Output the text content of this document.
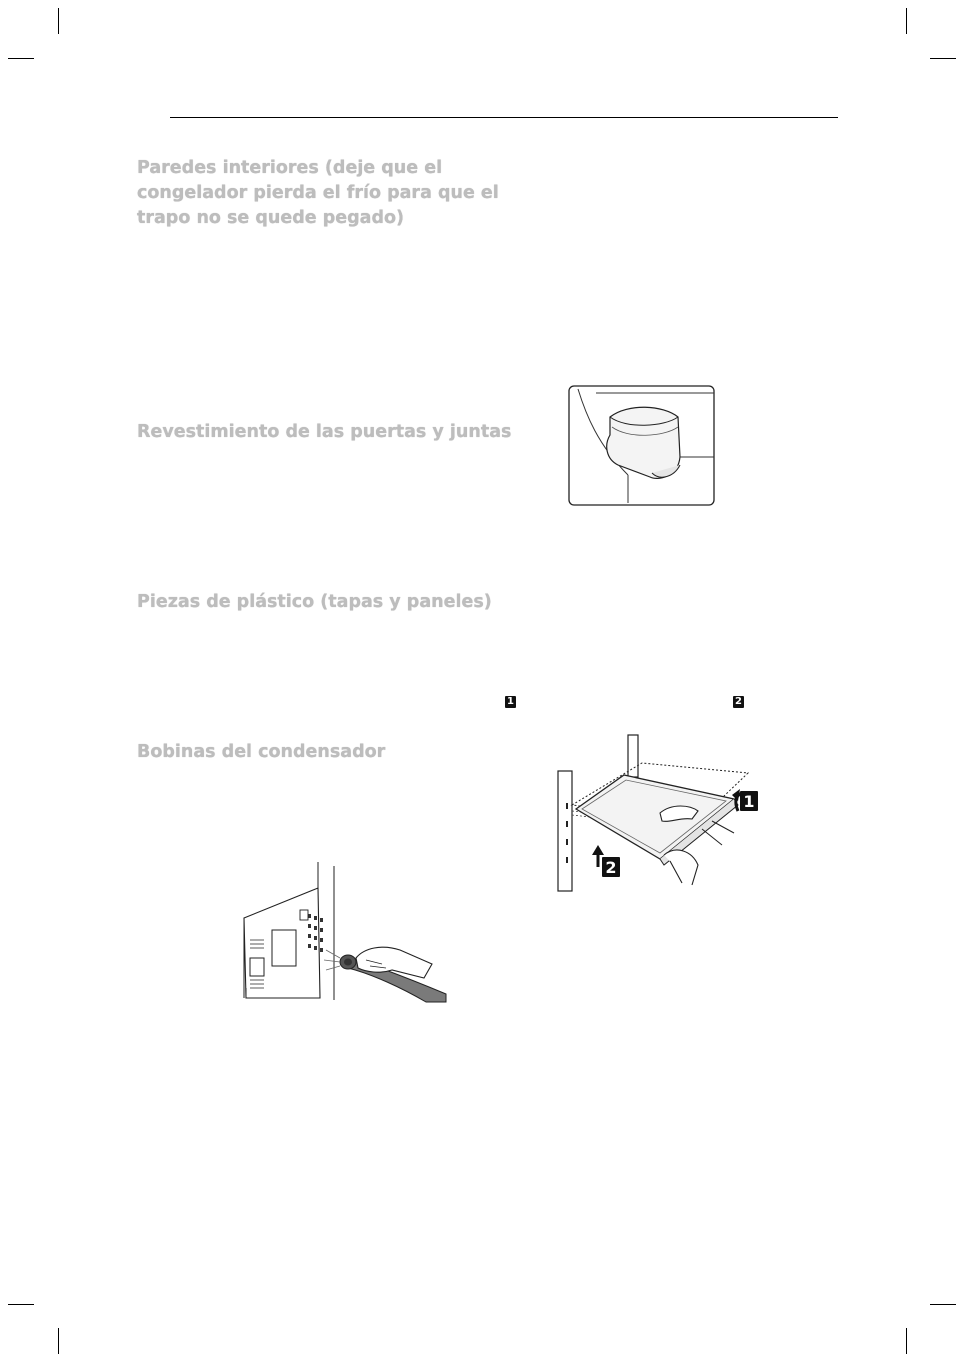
Paredes interiores (deje que el
congelador pierda el frío para que el
trapo no se quede pegado)
Revestimiento de las puertas y juntas
Piezas de plástico (tapas y paneles)
Bobinas del condensador
1	2
1
2
